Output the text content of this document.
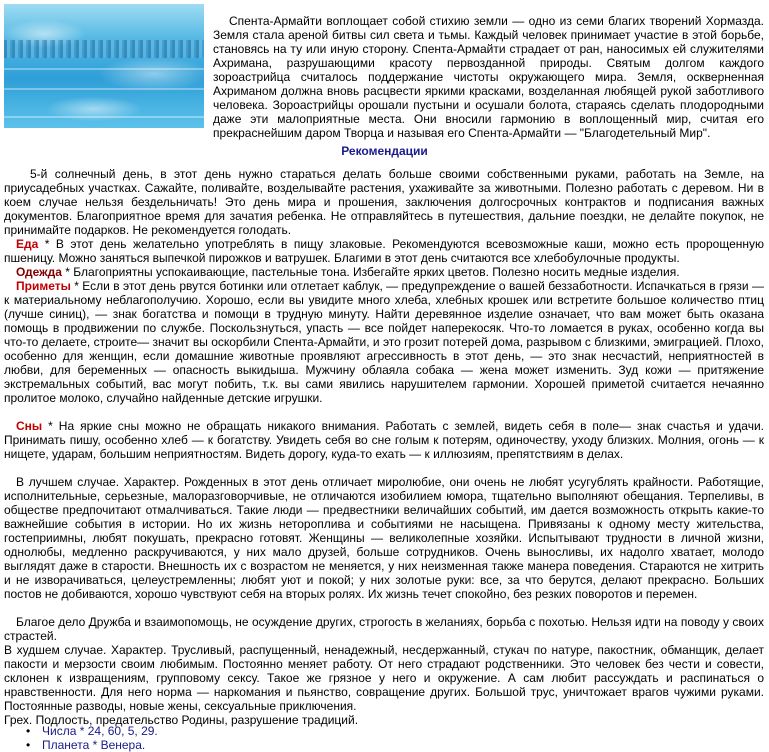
Спента-Армайти воплощает собой стихию земли — одно из семи благих творений Хормазда. Земля стала ареной битвы сил света и тьмы. Каждый человек принимает участие в этой борьбе, становясь на ту или иную сторону. Спента-Армайти страдает от ран, наносимых ей служителями Ахримана, разрушающими красоту первозданной природы. Святым долгом каждого зороастрийца считалось поддержание чистоты окружающего мира. Земля, оскверненная Ахриманом должна вновь расцвести яркими красками, возделанная любящей рукой заботливого человека. Зороастрийцы орошали пустыни и осушали болота, стараясь сделать плодородными даже эти малоприятные места. Они вносили гармонию в воплощенный мир, считая его прекраснейшим даром Творца и называя его Спента-Армайти — "Благодетельный Мир".

Рекомендации

5-й солнечный день, в этот день нужно стараться делать больше своими собственными руками, работать на Земле, на приусадебных участках. Сажайте, поливайте, возделывайте растения, ухаживайте за животными. Полезно работать с деревом. Ни в коем случае нельзя бездельничать! Это день мира и прошения, заключения долгосрочных контрактов и подписания важных документов. Благоприятное время для зачатия ребенка. Не отправляйтесь в путешествия, дальние поездки, не делайте покупок, не принимайте подарков. Не рекомендуется голодать.

Еда * В этот день желательно употреблять в пищу злаковые. Рекомендуются всевозможные каши, можно есть пророщенную пшеницу. Можно заняться выпечкой пирожков и ватрушек. Благими в этот день считаются все хлебобулочные продукты.

Одежда * Благоприятны успокаивающие, пастельные тона. Избегайте ярких цветов. Полезно носить медные изделия.

Приметы * Если в этот день рвутся ботинки или отлетает каблук, — предупреждение о вашей беззаботности. Испачкаться в грязи — к материальному неблагополучию. Хорошо, если вы увидите много хлеба, хлебных крошек или встретите большое количество птиц (лучше синиц), — знак богатства и помощи в трудную минуту. Найти деревянное изделие означает, что вам может быть оказана помощь в продвижении по службе. Поскользнуться, упасть — все пойдет наперекосяк. Что-то ломается в руках, особенно когда вы что-то делаете, строите— значит вы оскорбили Спента-Армайти, и это грозит потерей дома, разрывом с близкими, эмиграцией. Плохо, особенно для женщин, если домашние животные проявляют агрессивность в этот день, — это знак несчастий, неприятностей в любви, для беременных — опасность выкидыша. Мужчину облаяла собака — жена может изменить. Зуд кожи — притяжение экстремальных событий, вас могут побить, т.к. вы сами явились нарушителем гармонии. Хорошей приметой считается нечаянно пролитое молоко, случайно найденные детские игрушки.

Сны * На яркие сны можно не обращать никакого внимания. Работать с землей, видеть себя в поле— знак счастья и удачи. Принимать пишу, особенно хлеб — к богатству. Увидеть себя во сне голым к потерям, одиночеству, уходу близких. Молния, огонь — к нищете, ударам, большим неприятностям. Видеть дорогу, куда-то ехать — к иллюзиям, препятствиям в делах.

В лучшем случае. Характер. Рожденных в этот день отличает миролюбие, они очень не любят усугублять крайности. Работящие, исполнительные, серьезные, малоразговорчивые, не отличаются изобилием юмора, тщательно выполняют обещания. Терпеливы, в обществе предпочитают отмалчиваться. Такие люди — предвестники величайших событий, им дается возможность открыть какие-то важнейшие события в истории. Но их жизнь неторопливa и событиями не насыщена. Привязаны к одному месту жительства, гостеприимны, любят покушать, прекрасно готовят. Женщины — великолепные хозяйки. Испытывают трудности в личной жизни, однолюбы, медленно раскручиваются, у них мало друзей, больше сотрудников. Очень выносливы, их надолго хватает, молодо выглядят даже в старости. Внешность их с возрастом не меняется, у них неизменная также манера поведения. Стараются не хитрить и не изворачиваться, целеустремленны; любят уют и покой; у них золотые руки: все, за что берутся, делают прекрасно. Больших постов не добиваются, хорошо чувствуют себя на вторых ролях. Их жизнь течет спокойно, без резких поворотов и перемен.

Благое дело Дружба и взаимопомощь, не осуждение других, строгость в желаниях, борьба с похотью. Нельзя идти на поводу у своих страстей.

В худшем случае. Характер. Трусливый, распущенный, ненадежный, несдержанный, стукач по натуре, пакостник, обманщик, делает пакости и мерзости своим любимым. Постоянно меняет работу. От него страдают родственники. Это человек без чести и совести, склонен к извращениям, групповому сексу. Такое же грязное у него и окружение. А сам любит рассуждать и распинаться о нравственности. Для него норма — наркомания и пьянство, совращение других. Большой трус, уничтожает врагов чужими руками. Постоянные разводы, новые жены, сексуальные приключения.

Грех. Подлость, предательство Родины, разрушение традиций.

• Числа * 24, 60, 5, 29.
• Планета * Венера.
